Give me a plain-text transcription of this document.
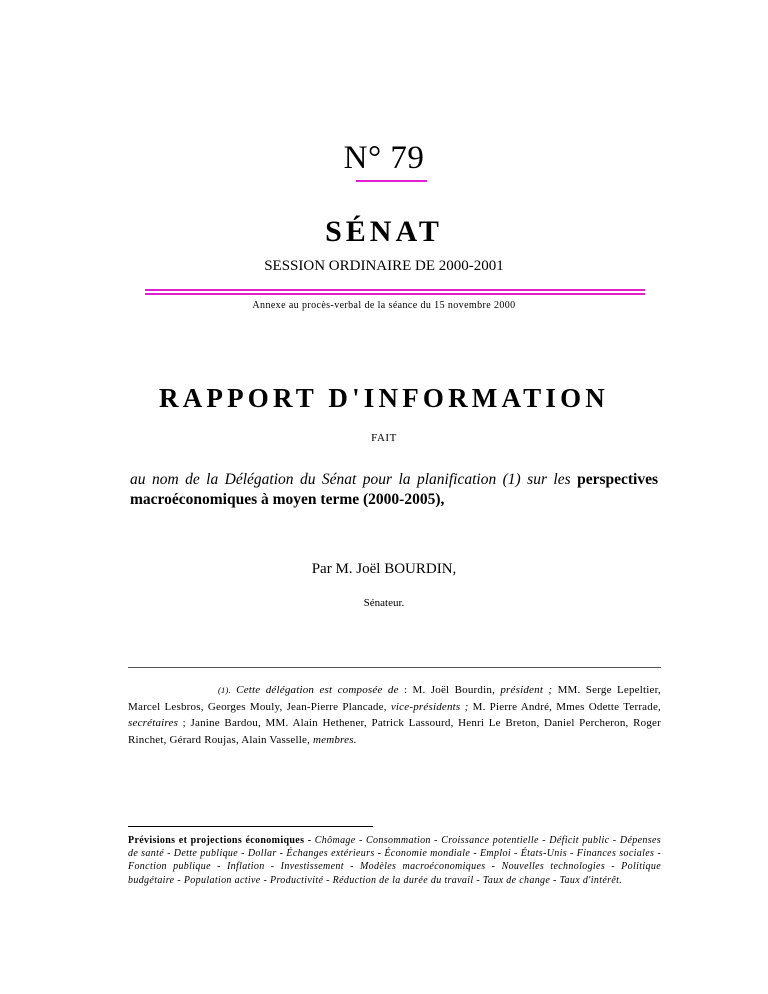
N° 79
SÉNAT
SESSION ORDINAIRE DE 2000-2001
Annexe au procès-verbal de la séance du 15 novembre 2000
RAPPORT D'INFORMATION
FAIT
au nom de la Délégation du Sénat pour la planification (1) sur les perspectives macroéconomiques à moyen terme (2000-2005),
Par M. Joël BOURDIN,
Sénateur.
(1). Cette délégation est composée de : M. Joël Bourdin, président ; MM. Serge Lepeltier, Marcel Lesbros, Georges Mouly, Jean-Pierre Plancade, vice-présidents ; M. Pierre André, Mmes Odette Terrade, secrétaires ; Janine Bardou, MM. Alain Hethener, Patrick Lassourd, Henri Le Breton, Daniel Percheron, Roger Rinchet, Gérard Roujas, Alain Vasselle, membres.
Prévisions et projections économiques - Chômage - Consommation - Croissance potentielle - Déficit public - Dépenses de santé - Dette publique - Dollar - Échanges extérieurs - Économie mondiale - Emploi - États-Unis - Finances sociales - Fonction publique - Inflation - Investissement - Modèles macroéconomiques - Nouvelles technologies - Politique budgétaire - Population active - Productivité - Réduction de la durée du travail - Taux de change - Taux d'intérêt.
